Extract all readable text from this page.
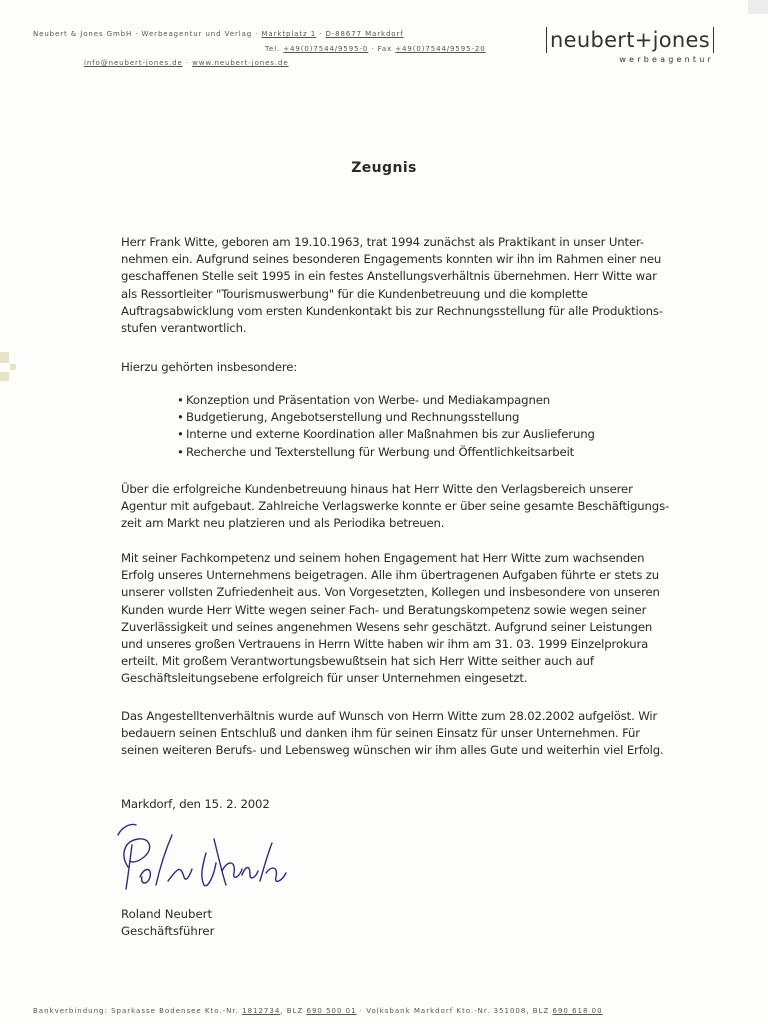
Neubert & Jones GmbH · Werbeagentur und Verlag · Marktplatz 1 · D-88677 Markdorf
Tel. +49(0)7544/9595-0 · Fax +49(0)7544/9595-20
info@neubert-jones.de · www.neubert-jones.de
neubert+jones
werbeagentur
Zeugnis

Herr Frank Witte, geboren am 19.10.1963, trat 1994 zunächst als Praktikant in unser Unter-

nehmen ein. Aufgrund seines besonderen Engagements konnten wir ihn im Rahmen einer neu

geschaffenen Stelle seit 1995 in ein festes Anstellungsverhältnis übernehmen. Herr Witte war

als Ressortleiter "Tourismuswerbung" für die Kundenbetreuung und die komplette

Auftragsabwicklung vom ersten Kundenkontakt bis zur Rechnungsstellung für alle Produktions-

stufen verantwortlich.

Hierzu gehörten insbesondere:

• Konzeption und Präsentation von Werbe- und Mediakampagnen
• Budgetierung, Angebotserstellung und Rechnungsstellung
• Interne und externe Koordination aller Maßnahmen bis zur Auslieferung
• Recherche und Texterstellung für Werbung und Öffentlichkeitsarbeit

Über die erfolgreiche Kundenbetreuung hinaus hat Herr Witte den Verlagsbereich unserer

Agentur mit aufgebaut. Zahlreiche Verlagswerke konnte er über seine gesamte Beschäftigungs-

zeit am Markt neu platzieren und als Periodika betreuen.

Mit seiner Fachkompetenz und seinem hohen Engagement hat Herr Witte zum wachsenden

Erfolg unseres Unternehmens beigetragen. Alle ihm übertragenen Aufgaben führte er stets zu

unserer vollsten Zufriedenheit aus. Von Vorgesetzten, Kollegen und insbesondere von unseren

Kunden wurde Herr Witte wegen seiner Fach- und Beratungskompetenz sowie wegen seiner

Zuverlässigkeit und seines angenehmen Wesens sehr geschätzt. Aufgrund seiner Leistungen

und unseres großen Vertrauens in Herrn Witte haben wir ihm am 31. 03. 1999 Einzelprokura

erteilt. Mit großem Verantwortungsbewußtsein hat sich Herr Witte seither auch auf

Geschäftsleitungsebene erfolgreich für unser Unternehmen eingesetzt.

Das Angestelltenverhältnis wurde auf Wunsch von Herrn Witte zum 28.02.2002 aufgelöst. Wir

bedauern seinen Entschluß und danken ihm für seinen Einsatz für unser Unternehmen. Für

seinen weiteren Berufs- und Lebensweg wünschen wir ihm alles Gute und weiterhin viel Erfolg.

Markdorf, den 15. 2. 2002

Roland Neubert
Geschäftsführer
Bankverbindung: Sparkasse Bodensee Kto.-Nr. 1812734, BLZ 690 500 01 · Volksbank Markdorf Kto.-Nr. 351008, BLZ 690 618 00
